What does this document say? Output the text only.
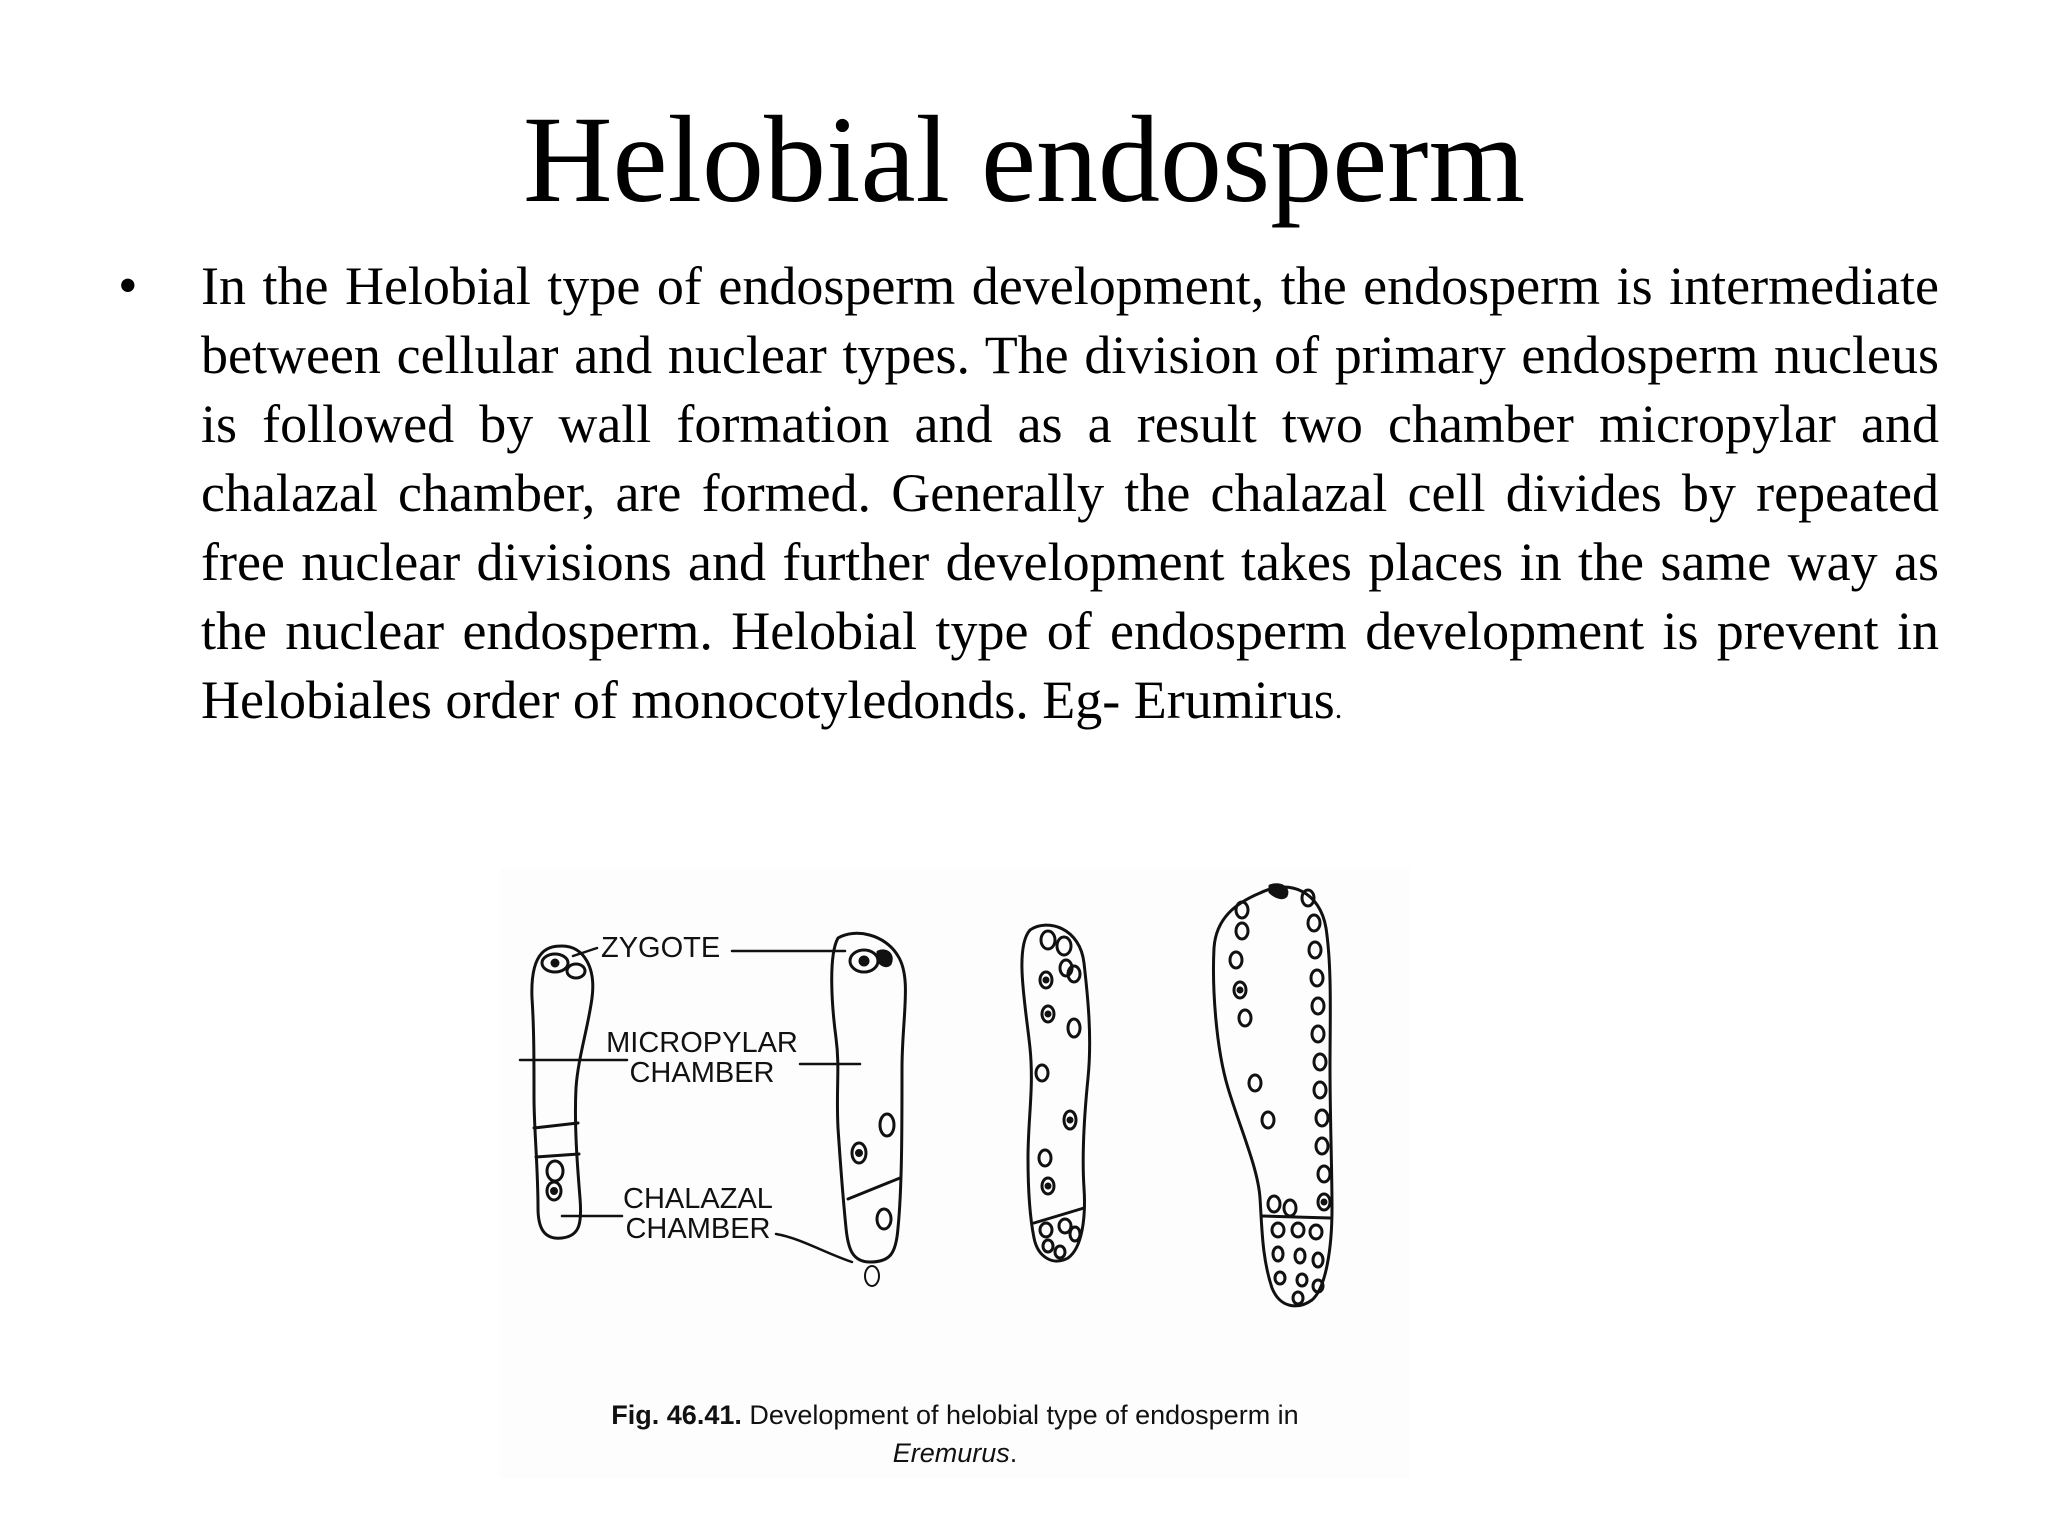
Helobial endosperm
• In the Helobial type of endosperm development, the endosperm is intermediate between cellular and nuclear types. The division of primary endosperm nucleus is followed by wall formation and as a result two chamber micropylar and chalazal chamber, are formed. Generally the chalazal cell divides by repeated free nuclear divisions and further development takes places in the same way as the nuclear endosperm. Helobial type of endosperm development is prevent in Helobiales order of monocotyledonds. Eg- Erumirus.

ZYGOTE
MICROPYLAR
CHAMBER
CHALAZAL
CHAMBER
Fig. 46.41. Development of helobial type of endosperm in
Eremurus.
